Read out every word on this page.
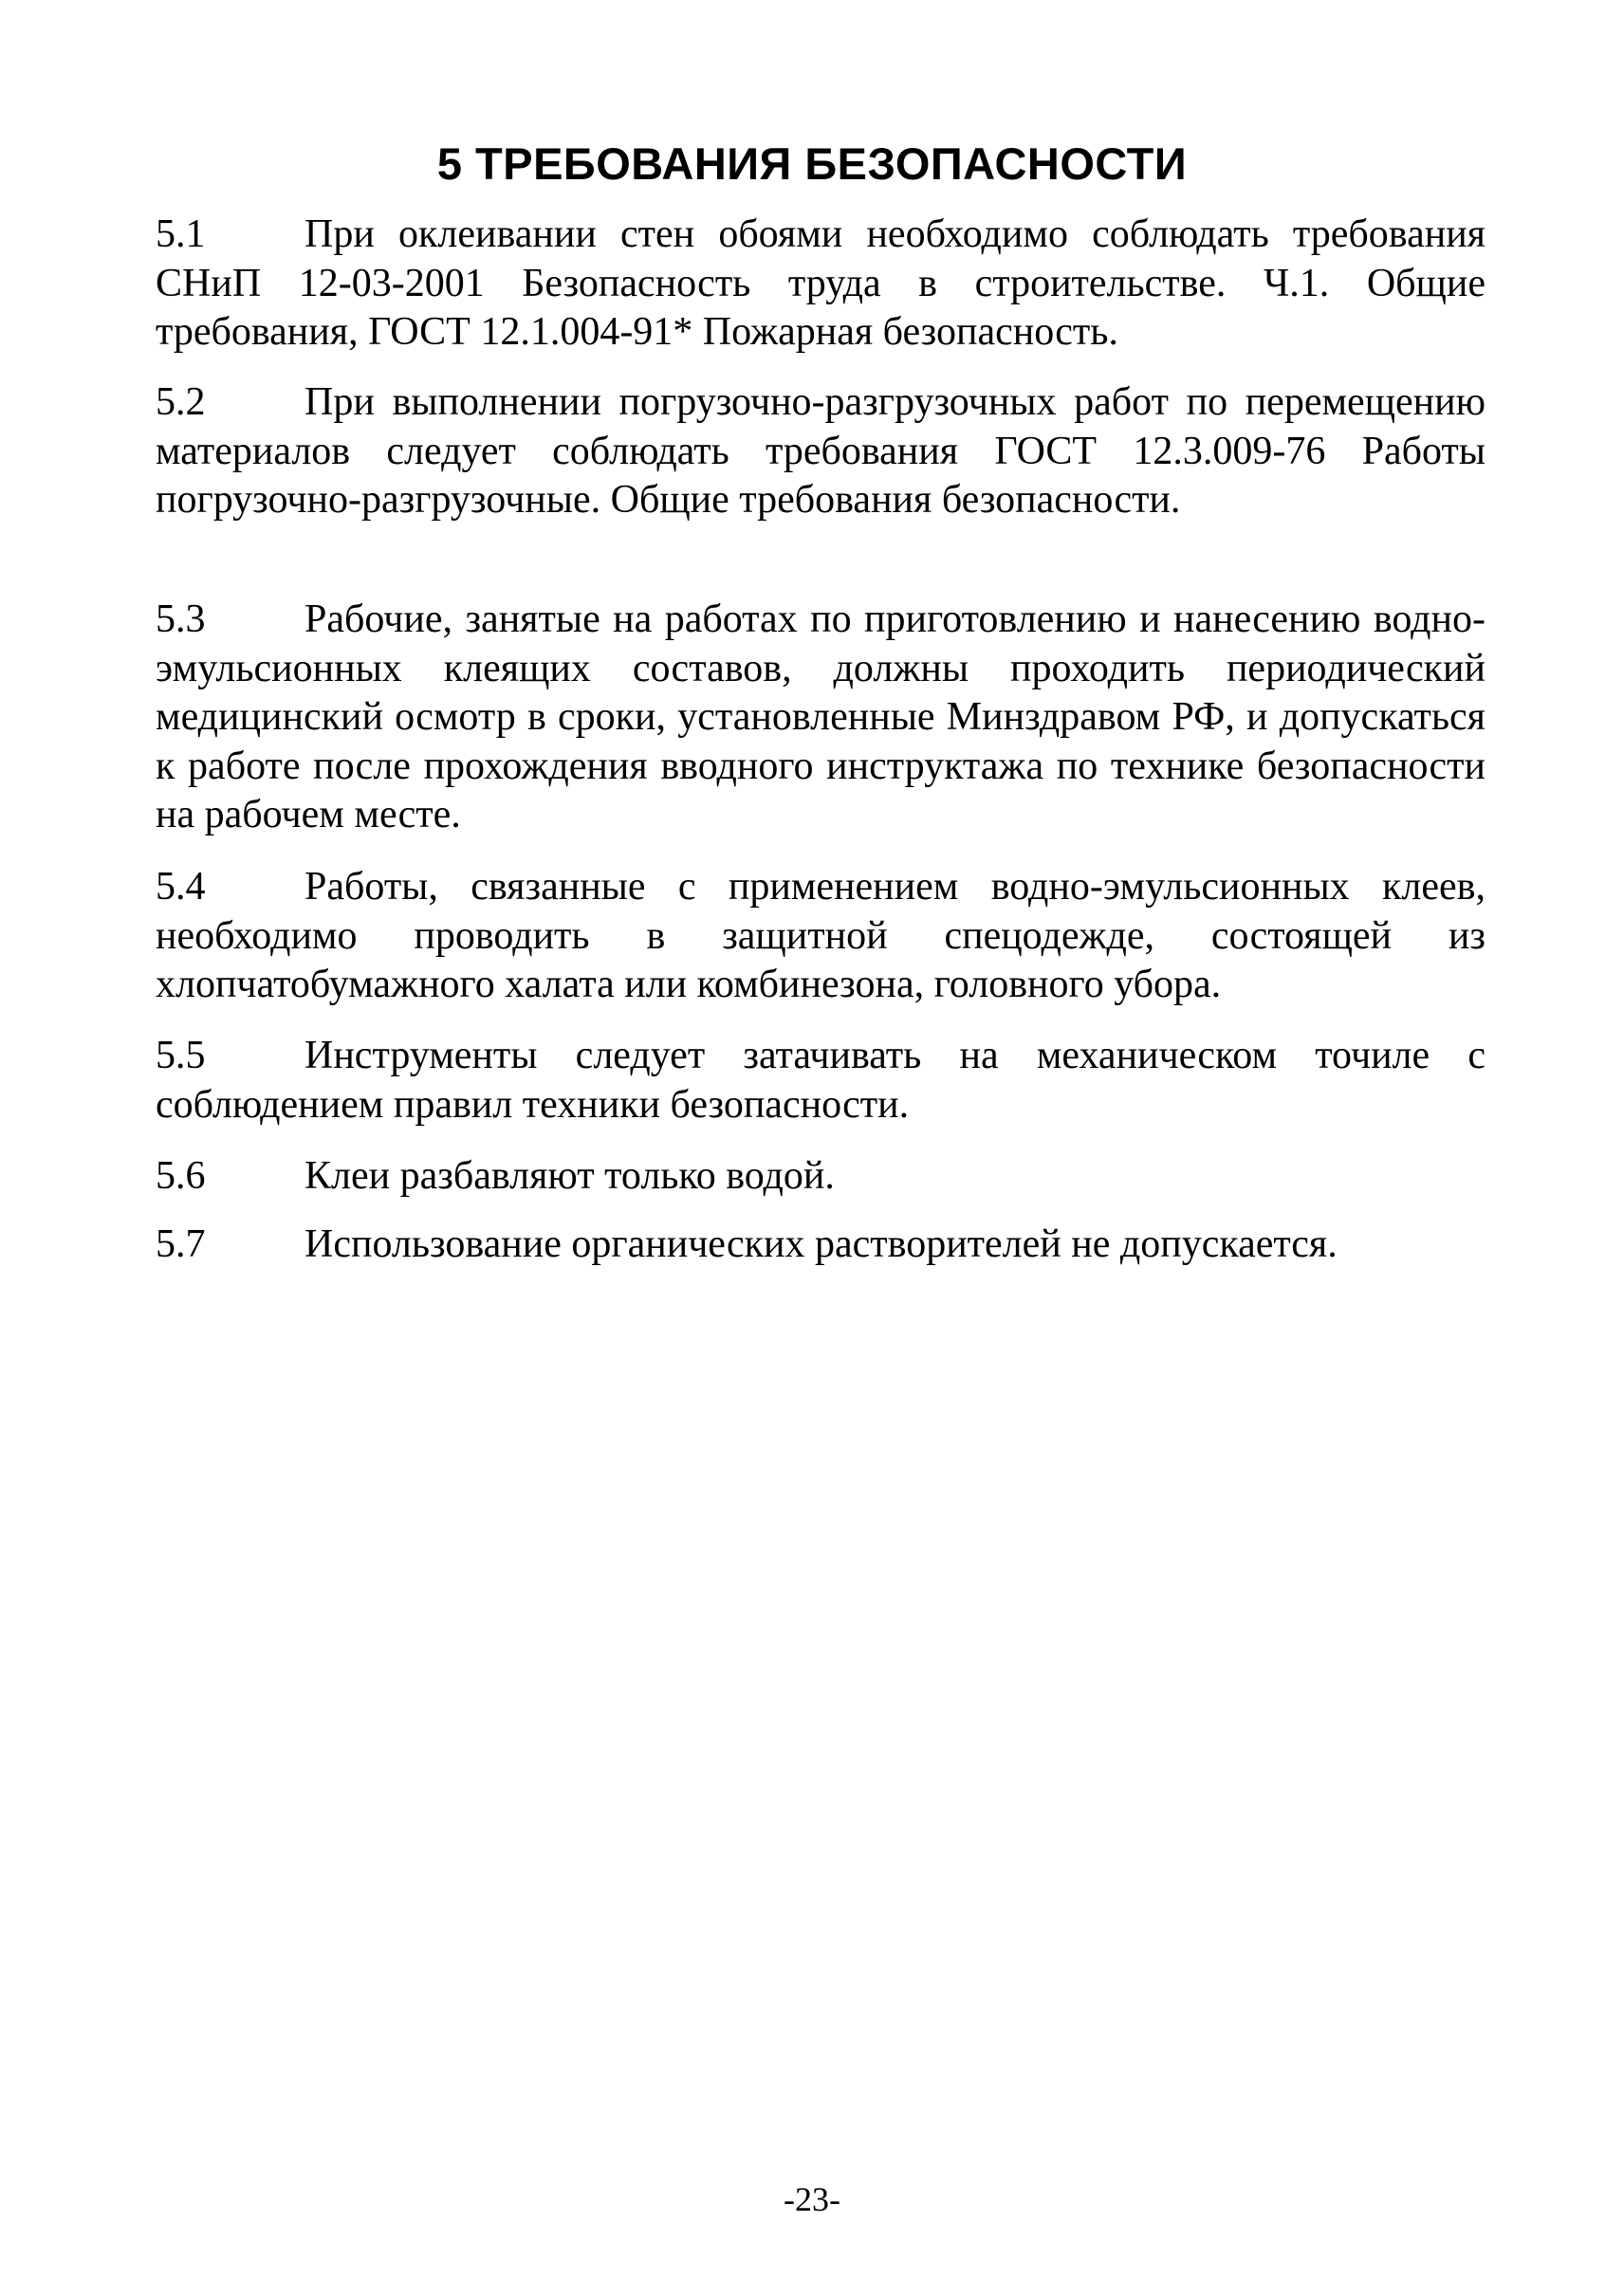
5 ТРЕБОВАНИЯ БЕЗОПАСНОСТИ

5.1 При оклеивании стен обоями необходимо соблюдать требования СНиП 12-03-2001 Безопасность труда в строительстве. Ч.1. Общие требования, ГОСТ 12.1.004-91* Пожарная безопасность.

5.2 При выполнении погрузочно-разгрузочных работ по перемещению материалов следует соблюдать требования ГОСТ 12.3.009-76 Работы погрузочно-разгрузочные. Общие требования безопасности.

5.3 Рабочие, занятые на работах по приготовлению и нанесению водно-эмульсионных клеящих составов, должны проходить периодический медицинский осмотр в сроки, установленные Минздравом РФ, и допускаться к работе после прохождения вводного инструктажа по технике безопасности на рабочем месте.

5.4 Работы, связанные с применением водно-эмульсионных клеев, необходимо проводить в защитной спецодежде, состоящей из хлопчатобумажного халата или комбинезона, головного убора.

5.5 Инструменты следует затачивать на механическом точиле с соблюдением правил техники безопасности.

5.6 Клеи разбавляют только водой.

5.7 Использование органических растворителей не допускается.

-23-
